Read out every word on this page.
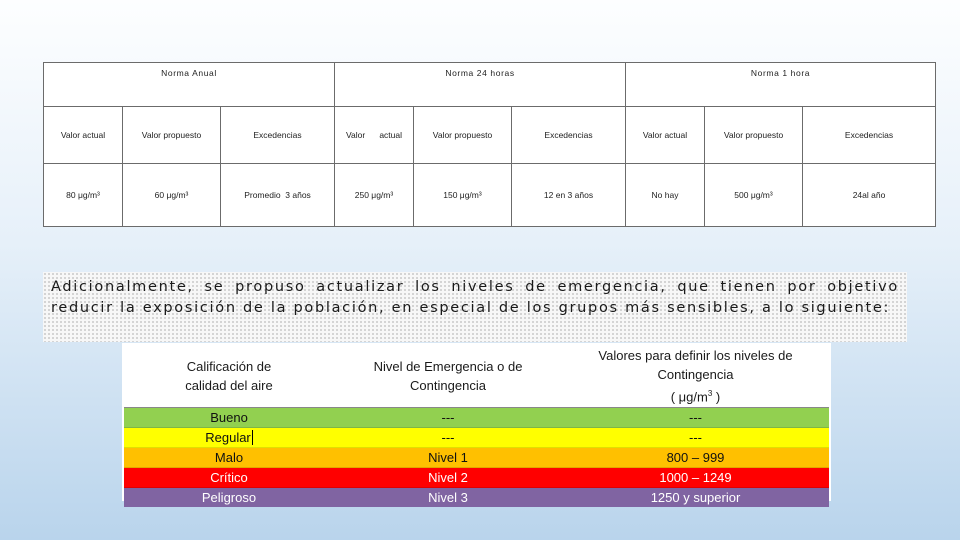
Norma Anual			Norma 24 horas			Norma 1 hora		
Valor actual	Valor propuesto	Excedencias	Valor      actual	Valor propuesto	Excedencias	Valor actual	Valor propuesto	Excedencias
80 μg/m³	60 μg/m³	Promedio  3 años	250 μg/m³	150 μg/m³	12 en 3 años	No hay	500 μg/m³	24al año
Adicionalmente, se propuso actualizar los niveles de emergencia, que tienen por objetivo reducir la exposición de la población, en especial de los grupos más sensibles, a lo siguiente:
Calificación de calidad del aire	Nivel de Emergencia o de Contingencia	Valores para definir los niveles de Contingencia
( $\mu g/m^3$ )

Bueno	---	---
Regular	---	---
Malo	Nivel 1	800 – 999
Crítico	Nivel 2	1000 – 1249
Peligroso	Nivel 3	1250 y superior
